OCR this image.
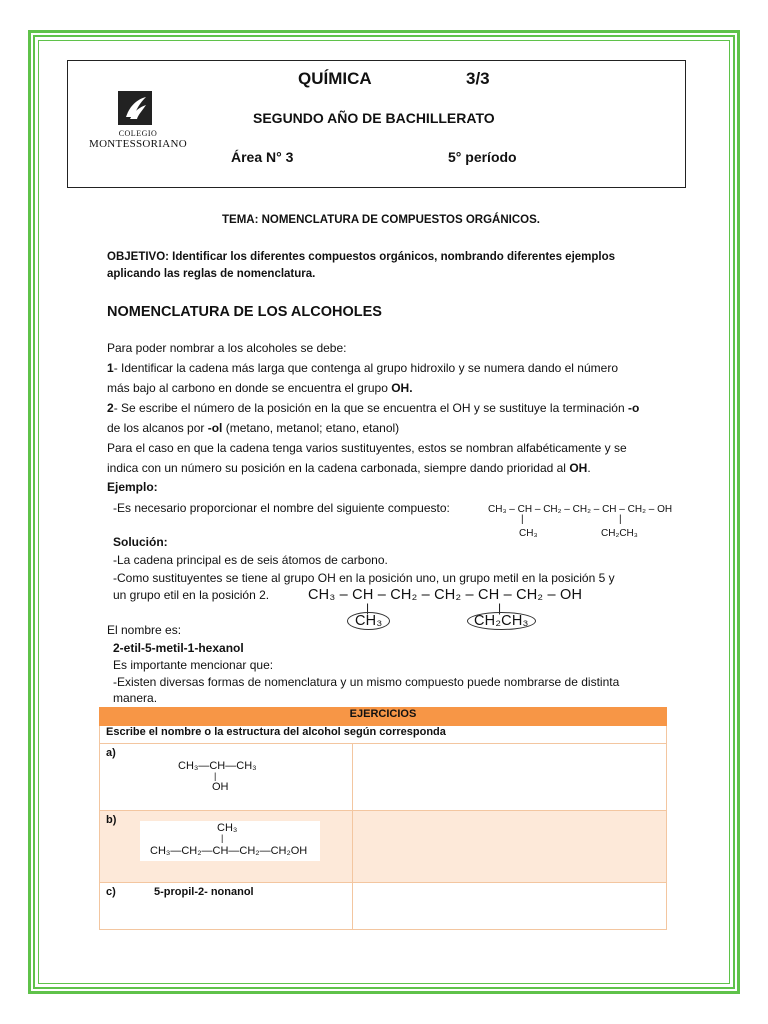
COLEGIO
MONTESSORIANO
QUÍMICA	3/3
SEGUNDO AÑO DE BACHILLERATO
Área N° 3	5° período
TEMA: NOMENCLATURA DE COMPUESTOS ORGÁNICOS.
OBJETIVO: Identificar los diferentes compuestos orgánicos, nombrando diferentes ejemplos
aplicando las reglas de nomenclatura.
NOMENCLATURA DE LOS ALCOHOLES
Para poder nombrar a los alcoholes se debe:
1- Identificar la cadena más larga que contenga al grupo hidroxilo y se numera dando el número
más bajo al carbono en donde se encuentra el grupo OH.
2- Se escribe el número de la posición en la que se encuentra el OH y se sustituye la terminación -o
de los alcanos por -ol (metano, metanol; etano, etanol)
Para el caso en que la cadena tenga varios sustituyentes, estos se nombran alfabéticamente y se
indica con un número su posición en la cadena carbonada, siempre dando prioridad al OH.
Ejemplo:
-Es necesario proporcionar el nombre del siguiente compuesto:	CH₃ – CH – CH₂ – CH₂ – CH – CH₂ – OH
|	|
CH₃	CH₂CH₃
Solución:
-La cadena principal es de seis átomos de carbono.
-Como sustituyentes se tiene al grupo OH en la posición uno, un grupo metil en la posición 5 y
un grupo etil en la posición 2.	CH₃ – CH – CH₂ – CH₂ – CH – CH₂ – OH
|	|
CH₃	CH₂CH₃
El nombre es:
2-etil-5-metil-1-hexanol
Es importante mencionar que:
-Existen diversas formas de nomenclatura y un mismo compuesto puede nombrarse de distinta
manera.
EJERCICIOS	
Escribe el nombre o la estructura del alcohol según corresponda	

a)
CH₃—CH—CH₃
|
OH	

b)
CH₃
|
CH₃—CH₂—CH—CH₂—CH₂OH	

c) 5-propil-2- nonanol	
